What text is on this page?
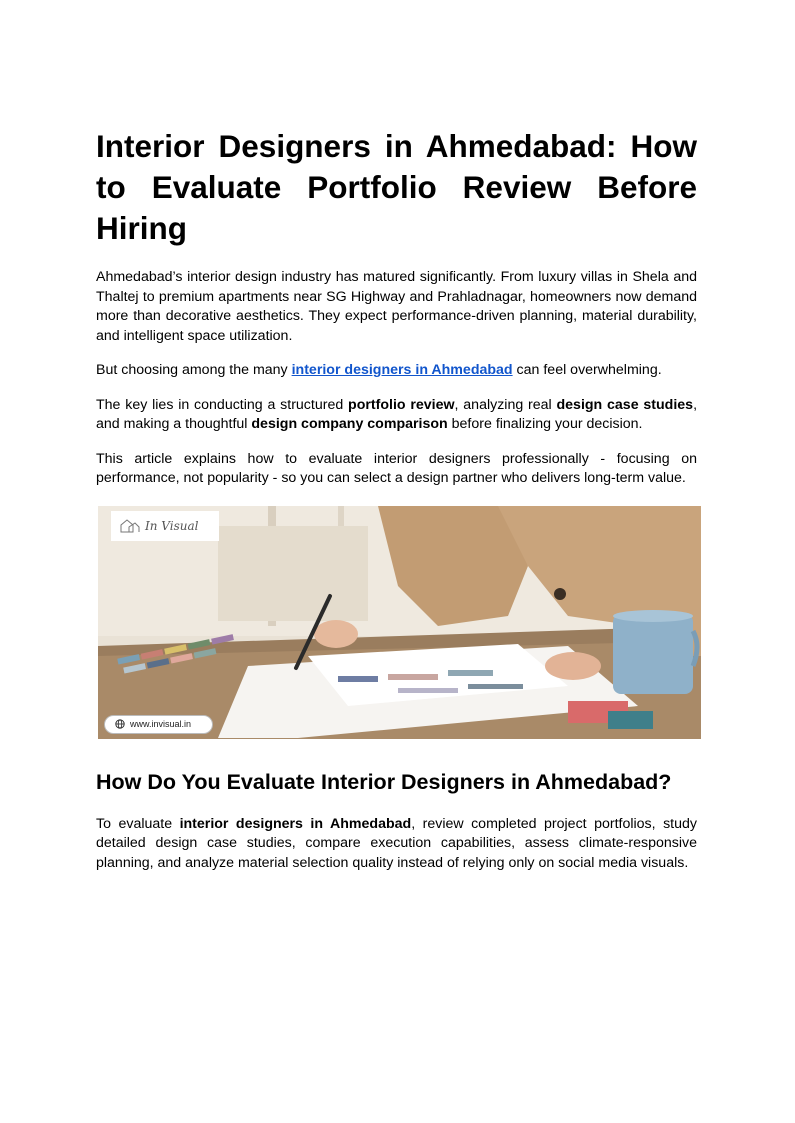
Interior Designers in Ahmedabad: How to Evaluate Portfolio Review Before Hiring

Ahmedabad’s interior design industry has matured significantly. From luxury villas in Shela and Thaltej to premium apartments near SG Highway and Prahladnagar, homeowners now demand more than decorative aesthetics. They expect performance-driven planning, material durability, and intelligent space utilization.

But choosing among the many interior designers in Ahmedabad can feel overwhelming.

The key lies in conducting a structured portfolio review, analyzing real design case studies, and making a thoughtful design company comparison before finalizing your decision.

This article explains how to evaluate interior designers professionally - focusing on performance, not popularity - so you can select a design partner who delivers long-term value.

In Visual
www.invisual.in
How Do You Evaluate Interior Designers in Ahmedabad?

To evaluate interior designers in Ahmedabad, review completed project portfolios, study detailed design case studies, compare execution capabilities, assess climate-responsive planning, and analyze material selection quality instead of relying only on social media visuals.
